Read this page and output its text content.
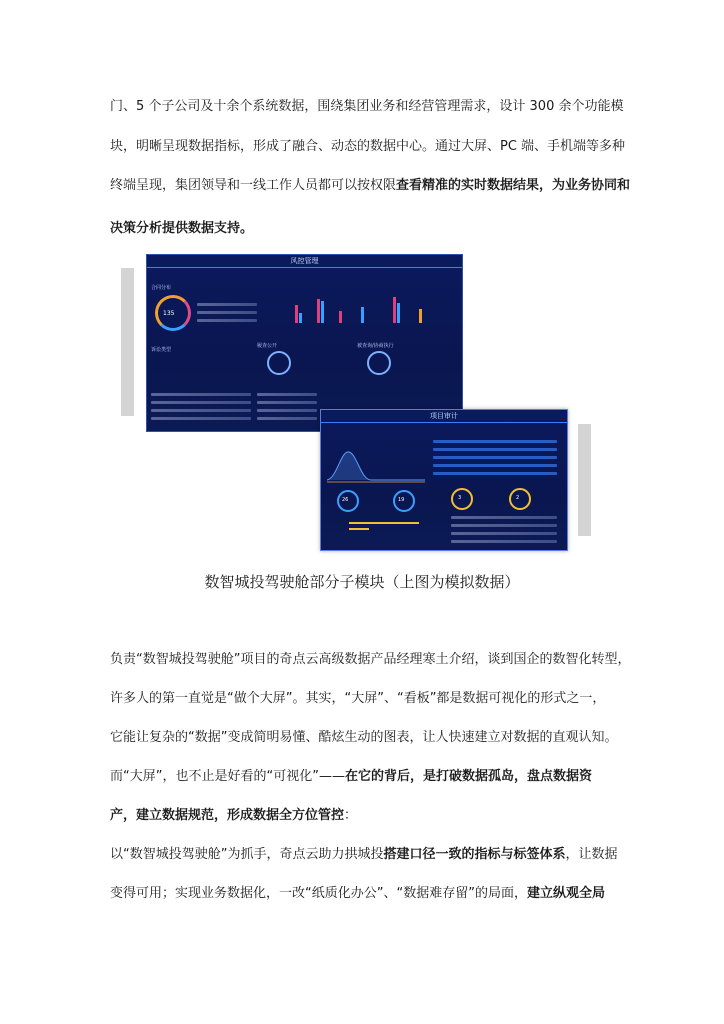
门、5 个子公司及十余个系统数据，围绕集团业务和经营管理需求，设计 300 余个功能模
块，明晰呈现数据指标，形成了融合、动态的数据中心。通过大屏、PC 端、手机端等多种
终端呈现，集团领导和一线工作人员都可以按权限查看精准的实时数据结果，为业务协同和
决策分析提供数据支持。
风控管理
合同分布
135
诉讼类型
履查公开	被查询/协商执行
项目审计
26	19	3	2
数智城投驾驶舱部分子模块（上图为模拟数据）
负责“数智城投驾驶舱”项目的奇点云高级数据产品经理寒土介绍，谈到国企的数智化转型，
许多人的第一直觉是“做个大屏”。其实，“大屏”、“看板”都是数据可视化的形式之一，
它能让复杂的“数据”变成简明易懂、酷炫生动的图表，让人快速建立对数据的直观认知。
而“大屏”，也不止是好看的“可视化”——在它的背后，是打破数据孤岛，盘点数据资
产，建立数据规范，形成数据全方位管控：
以“数智城投驾驶舱”为抓手，奇点云助力拱城投搭建口径一致的指标与标签体系，让数据
变得可用；实现业务数据化，一改“纸质化办公”、“数据难存留”的局面，建立纵观全局
